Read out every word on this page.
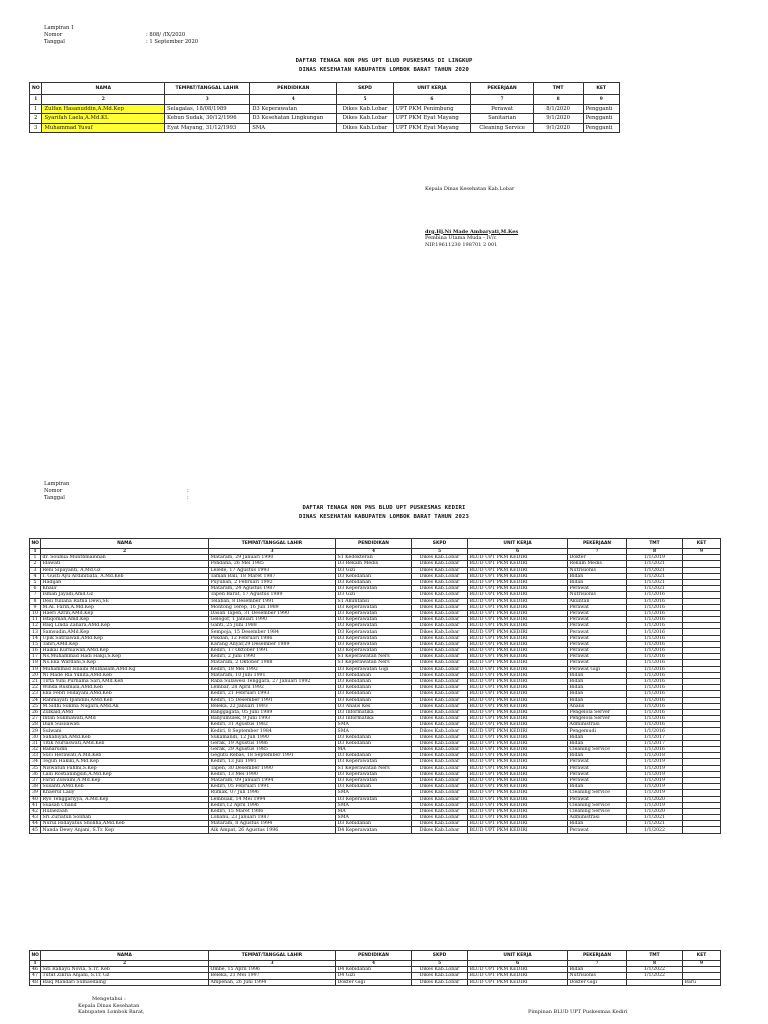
Lampiran 1
Nomor	: 808/ /IX/2020
Tanggal	: 1 September 2020
DAFTAR TENAGA NON PNS UPT BLUD PUSKESMAS DI LINGKUP
DINAS KESEHATAN KABUPATEN LOMBOK BARAT TAHUN 2020
NO	NAMA	TEMPAT/TANGGAL LAHIR	PENDIDIKAN	SKPD	UNIT KERJA	PEKERJAAN	TMT	KET
1	2	3	4	5	6	7	8	9
1	Zulfan Hasanuddin,A.Md.Kep	Selagalas, 18/08/1989	D3 Keperawatan	Dikes Kab.Lobar	UPT PKM Penimbung	Perawat	8/1/2020	Pengganti
2	Syarifah Laela,A.Md.KL	Kebun Sudak, 30/12/1996	D3 Kesehatan Lingkungan	Dikes Kab.Lobar	UPT PKM Eyat Mayang	Sanitarian	9/1/2020	Pengganti
3	Muhammad Yusuf	Eyat Mayang, 31/12/1993	SMA	Dikes Kab.Lobar	UPT PKM Eyat Mayang	Cleaning Service	9/1/2020	Pengganti
Kepala Dinas Kesehatan Kab.Lobar
drg.Hj.Ni Made Ambaryati,M.Kes
Pembina Utama Muda - IV/c
NIP.19611230 198701 2 001
Lampiran
Nomor	:
Tanggal	:
DAFTAR TENAGA NON PNS BLUD UPT PUSKESMAS KEDIRI
DINAS KESEHATAN KABUPATEN LOMBOK BARAT TAHUN 2023
NO	NAMA	TEMPAT/TANGGAL LAHIR	PENDIDIKAN	SKPD	UNIT KERJA	PEKERJAAN	TMT	KET
1	2	3	4	5	6	7	8	9
1	dr. Soumia Munthmainnah	Mataram, 29 Januari 1990	S1 Kedokteran	Dikes Kab.Lobar	BLUD UPT PKM KEDIRI	Dokter	1/1/2019	
2	Idawati	Pohdana, 26 Mei 1985	D3 Rekam Medis	Dikes Kab.Lobar	BLUD UPT PKM KEDIRI	Rekam Medis	1/1/2021	
3	Reni Sipayanti, A.Md.Gz	Lelede, 17 Agustus 1993	D3 Gizi	Dikes Kab.Lobar	BLUD UPT PKM KEDIRI	Nutrisionis	1/1/2021	
4	I. Gusti Ayu Ardinitiata, A.Md.Keb	Taman Bali, 18 Maret 1987	D3 Kebidanan	Dikes Kab.Lobar	BLUD UPT PKM KEDIRI	Bidan	1/1/2021	
5	Hadijah	Puyuban, 2 Februari 1992	D3 Kebidanan	Dikes Kab.Lobar	BLUD UPT PKM KEDIRI	Bidan	1/1/2021	
6	Khala'	Mataram, 24 Agustus 1987	D3 Keperawatan	Dikes Kab.Lobar	BLUD UPT PKM KEDIRI	Perawat	1/1/2021	
7	Isman Jayadi,Amd.Gz	Tapen Barat, 17 Agustus 1989	D3 Gizi	Dikes Kab.Lobar	BLUD UPT PKM KEDIRI	Nutrisionis	1/1/2016	
8	Desi Yuliana Ratna Dewi,SE	Telaban, 8 Desember 1991	S1 Akuntansi	Dikes Kab.Lobar	BLUD UPT PKM KEDIRI	Akuntan	1/1/2016	
9	M.Al. Farih,A.Md.Kep	Montong Terep, 16 Juli 1989	D3 Keperawatan	Dikes Kab.Lobar	BLUD UPT PKM KEDIRI	Perawat	1/1/2016	
10	Haeri Azrin,AMd.Kep	Dasan Tapen, 31 Desember 1990	D3 Keperawatan	Dikes Kab.Lobar	BLUD UPT PKM KEDIRI	Perawat	1/1/2016	
11	Istiqomah,Amd.Kep	Gelogor, 1 Januari 1990	D3 Keperawatan	Dikes Kab.Lobar	BLUD UPT PKM KEDIRI	Perawat	1/1/2016	
12	Baiq Linda Zahara,AMd.Kep	Ganti, 25 Juni 1988	D3 Keperawatan	Dikes Kab.Lobar	BLUD UPT PKM KEDIRI	Perawat	1/1/2016	
13	Samsudin,AMd.Kep	Sempoja, 15 Desember 1984	D3 Keperawatan	Dikes Kab.Lobar	BLUD UPT PKM KEDIRI	Perawat	1/1/2016	
14	Upik Satriawan,AMd.Kep	Pokdan, 12 Februari 1986	D3 Keperawatan	Dikes Kab.Lobar	BLUD UPT PKM KEDIRI	Perawat	1/1/2016	
15	Tahri,AMd.Kep	Karang Anyar,29 Desember 1989	D3 Keperawatan	Dikes Kab.Lobar	BLUD UPT PKM KEDIRI	Perawat	1/1/2016	
16	Haikal Kurniawan,AMd.Kep	Kediri, 17 Oktober 1991	D3 Keperawatan	Dikes Kab.Lobar	BLUD UPT PKM KEDIRI	Perawat	1/1/2016	
17	Ns.Muhammad Hadi Hakji,S.Kep	Kediri, 2 Juni 1990	S1 Keperawatan Ners	Dikes Kab.Lobar	BLUD UPT PKM KEDIRI	Perawat	1/1/2016	
18	Ns.Eka Wardani,S.Kep	Mataram, 2 Oktober 1988	S1 Keperawatan Ners	Dikes Kab.Lobar	BLUD UPT PKM KEDIRI	Perawat	1/1/2016	
19	Muhammad Isnaini Mulhasam,AMd.Kg	Kediri, 18 Mei 1992	D3 Keperawatan Gigi	Dikes Kab.Lobar	BLUD UPT PKM KEDIRI	Perawat Gigi	1/1/2016	
20	Ni Made Ria Yunita,AMd.Keb	Mataram, 10 Juni 1991	D3 Kebidanan	Dikes Kab.Lobar	BLUD UPT PKM KEDIRI	Bidan	1/1/2016	
21	Tirta Yuni Purnama Sari,AMd.Keb	Raba Sulawesi Tenggara, 27 Januari 1992	D3 Kebidanan	Dikes Kab.Lobar	BLUD UPT PKM KEDIRI	Bidan	1/1/2016	
22	Winda Rusmala,AMd.Keb	Lembar, 28 April 1992	D3 Kebidanan	Dikes Kab.Lobar	BLUD UPT PKM KEDIRI	Bidan	1/1/2016	
23	Eka Febri Hidayani,AMd.Keb	Kediri, 21 Februari 1993	D3 Kebidanan	Dikes Kab.Lobar	BLUD UPT PKM KEDIRI	Bidan	1/1/2016	
24	Rahmayati Ipandini,AMd.Keb	Kediri, 15 Desember 1991	D3 Kebidanan	Dikes Kab.Lobar	BLUD UPT PKM KEDIRI	Bidan	1/1/2016	
25	M.Sidhi Sukma Nugara,AMd.Ak	Beleka, 22 Januari 1993	D3 Analis Kes	Dikes Kab.Lobar	BLUD UPT PKM KEDIRI	Analis	1/1/2016	
26	Zulkaid,AMd	Banggagata, 05 Juni 1989	D3 Informatika	Dikes Kab.Lobar	BLUD UPT PKM KEDIRI	Pengelola Server	1/1/2016	
27	Intan Sukmawati,AMd	Banyumulek, 9 Juni 1993	D3 Informatika	Dikes Kab.Lobar	BLUD UPT PKM KEDIRI	Pengelola Server	1/1/2016	
28	Dian Susilawati	Kediri, 31 Agustus 1982	SMA	Dikes Kab.Lobar	BLUD UPT PKM KEDIRI	Administrasi	1/1/2016	
29	Sulwani	Kediri, 8 September 1984	SMA	Dikes Kab.Lobar	BLUD UPT PKM KEDIRI	Pengemudi	1/1/2016	
30	Sahabiyah,AMd.Keb	Sukamandi, 12 Juli 1990	D3 Kebidanan	Dikes Kab.Lobar	BLUD UPT PKM KEDIRI	Bidan	1/1/2017	
31	Titik Nurlaswati,AMd.Keb	Gerak, 19 Agustus 1986	D3 Kebidanan	Dikes Kab.Lobar	BLUD UPT PKM KEDIRI	Bidan	1/1/2017	
32	Baharudin	Gerak, 29 Agustus 1985	MA	Dikes Kab.Lobar	BLUD UPT PKM KEDIRI	Cleaning Service	1/1/2016	
33	Suci Herawati,A.Md.Keb	Gegutu Rebas, 18 September 1991	D3 Kebidanan	Dikes Kab.Lobar	BLUD UPT PKM KEDIRI	Bidan	1/1/2018	
34	Teguh Hakiki,A.Md.Kep	Kediri, 13 Juli 1991	D3 Keperawatan	Dikes Kab.Lobar	BLUD UPT PKM KEDIRI	Perawat	1/1/2019	
35	Niswatun Fahmi,S.Kep	Tapen, 30 Desember 1990	S1 Keperawatan Ners	Dikes Kab.Lobar	BLUD UPT PKM KEDIRI	Perawat	1/1/2019	
36	Laili Rostianingsih,A.Md.Kep	Kediri, 13 Mei 1990	D3 Keperawatan	Dikes Kab.Lobar	BLUD UPT PKM KEDIRI	Perawat	1/1/2019	
37	Farid Zuwaini,A.Md.Kep	Mataram, 09 Januari 1994	D3 Keperawatan	Dikes Kab.Lobar	BLUD UPT PKM KEDIRI	Perawat	1/1/2019	
38	Susanti,AMd.Keb	Kediri, 05 Februari 1991	D3 Kebidanan	Dikes Kab.Lobar	BLUD UPT PKM KEDIRI	Bidan	1/1/2019	
39	Khaerul Laily	Rumak, 07 Juli 1996	SMA	Dikes Kab.Lobar	BLUD UPT PKM KEDIRI	Cleaning Service	1/1/2019	
40	Ryo Tenggariyya, A.Md.Kep	Lembuak, 14 Mei 1994	D3 Keperawatan	Dikes Kab.Lobar	BLUD UPT PKM KEDIRI	Perawat	1/1/2020	
41	Suasah Chalid	Kediri,12 April 1996	SMA	Dikes Kab.Lobar	BLUD UPT PKM KEDIRI	Cleaning Service	1/1/2019	
42	Hulaezaah	Kediri, 15 Maret 1986	MA	Dikes Kab.Lobar	BLUD UPT PKM KEDIRI	Cleaning Service	1/1/2020	
43	Sri Zuriatun Solihah	Lobanu, 23 Januari 1987	SMA	Dikes Kab.Lobar	BLUD UPT PKM KEDIRI	Administrasi	1/1/2021	
44	Nurul Hidayatus Sholiha,AMd.Keb	Mataram, 8 Agustus 1994	D3 Kebidanan	Dikes Kab.Lobar	BLUD UPT PKM KEDIRI	Bidan	1/1/2021	
45	Nanda Dewy Anjani, S.Tr. Kep	Aik Ampat, 26 Agustus 1996	D4 Keperawatan	Dikes Kab.Lobar	BLUD UPT PKM KEDIRI	Perawat	1/1/2022	
NO	NAMA	TEMPAT/TANGGAL LAHIR	PENDIDIKAN	SKPD	UNIT KERJA	PEKERJAAN	TMT	KET
1	2	3	4	5	6	7	8	9
46	Siti Rahayu Novia, S.Tr. Keb	Ombe, 15 April 1996	D4 Kebidanan	Dikes Kab.Lobar	BLUD UPT PKM KEDIRI	Bidan	1/1/2022	
47	Tutut Zikria Anjani, S.Tr. Gz	Beleka, 21 Mei 1997	D4 Gizi	Dikes Kab.Lobar	BLUD UPT PKM KEDIRI	Nutrisionis	1/1/2022	
48	Baiq Mandari Sumaedalng	Ampenan, 26 Juni 1994	Dokter Gigi	Dikes Kab.Lobar	BLUD UPT PKM KEDIRI	Dokter Gigi		Baru
Mengetahui :
Kepala Dinas Kesehatan
Kabupaten Lombok Barat,	Pimpinan BLUD UPT Puskesmas Kediri
